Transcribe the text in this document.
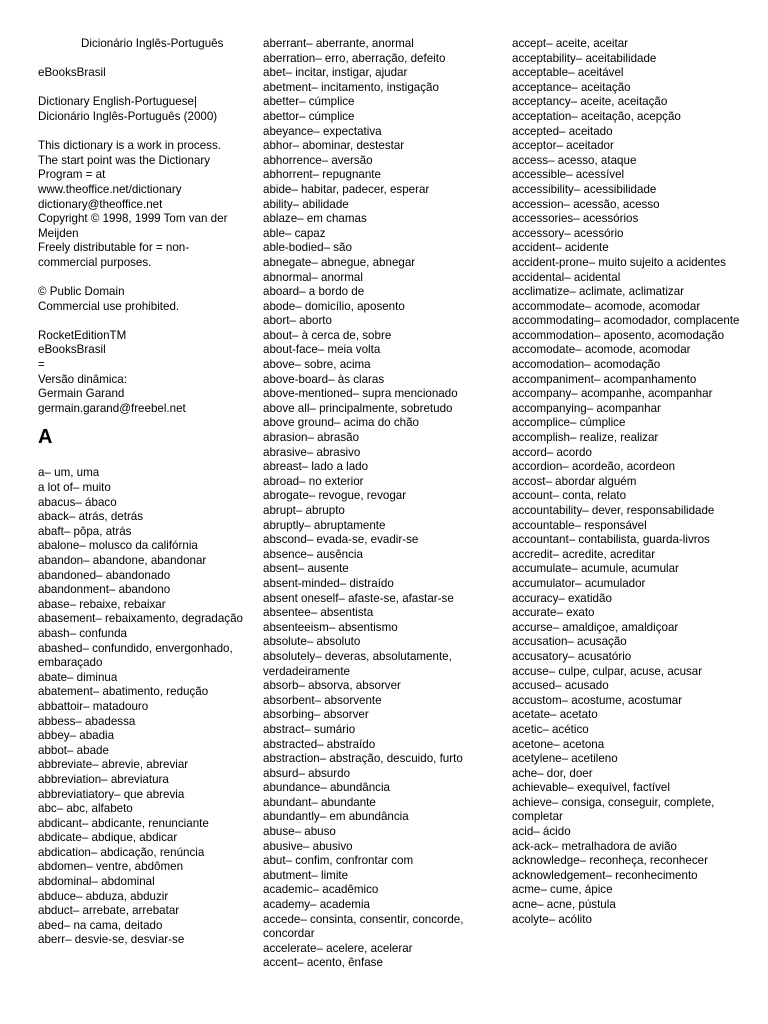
Dicionário Inglês-Português
eBooksBrasil
Dictionary English-Portuguese|
Dicionário Inglês-Português (2000)
This dictionary is a work in process.
The start point was the Dictionary
Program = at
www.theoffice.net/dictionary
dictionary@theoffice.net
Copyright © 1998, 1999 Tom van der
Meijden
Freely distributable for = non-
commercial purposes.
© Public Domain
Commercial use prohibited.
RocketEditionTM
eBooksBrasil
=
Versão dinâmica:
Germain Garand
germain.garand@freebel.net
A
a– um, uma
a lot of– muito
abacus– ábaco
aback– atrás, detrás
abaft– pôpa, atrás
abalone– molusco da califórnia
abandon– abandone, abandonar
abandoned– abandonado
abandonment– abandono
abase– rebaixe, rebaixar
abasement– rebaixamento, degradação
abash– confunda
abashed– confundido, envergonhado, embaraçado
abate– diminua
abatement– abatimento, redução
abbattoir– matadouro
abbess– abadessa
abbey– abadia
abbot– abade
abbreviate– abrevie, abreviar
abbreviation– abreviatura
abbreviatiatory– que abrevia
abc– abc, alfabeto
abdicant– abdicante, renunciante
abdicate– abdique, abdicar
abdication– abdicação, renúncia
abdomen– ventre, abdômen
abdominal– abdominal
abduce– abduza, abduzir
abduct– arrebate, arrebatar
abed– na cama, deitado
aberr– desvie-se, desviar-se
aberrant– aberrante, anormal
aberration– erro, aberração, defeito
abet– incitar, instigar, ajudar
abetment– incitamento, instigação
abetter– cúmplice
abettor– cúmplice
abeyance– expectativa
abhor– abominar, destestar
abhorrence– aversão
abhorrent– repugnante
abide– habitar, padecer, esperar
ability– abilidade
ablaze– em chamas
able– capaz
able-bodied– são
abnegate– abnegue, abnegar
abnormal– anormal
aboard– a bordo de
abode– domicílio, aposento
abort– aborto
about– à cerca de, sobre
about-face– meia volta
above– sobre, acima
above-board– às claras
above-mentioned– supra mencionado
above all– principalmente, sobretudo
above ground– acima do chão
abrasion– abrasão
abrasive– abrasivo
abreast– lado a lado
abroad– no exterior
abrogate– revogue, revogar
abrupt– abrupto
abruptly– abruptamente
abscond– evada-se, evadir-se
absence– ausência
absent– ausente
absent-minded– distraído
absent oneself– afaste-se, afastar-se
absentee– absentista
absenteeism– absentismo
absolute– absoluto
absolutely– deveras, absolutamente, verdadeiramente
absorb– absorva, absorver
absorbent– absorvente
absorbing– absorver
abstract– sumário
abstracted– abstraído
abstraction– abstração, descuido, furto
absurd– absurdo
abundance– abundância
abundant– abundante
abundantly– em abundância
abuse– abuso
abusive– abusivo
abut– confim, confrontar com
abutment– limite
academic– acadêmico
academy– academia
accede– consinta, consentir, concorde, concordar
accelerate– acelere, acelerar
accent– acento, ênfase
accept– aceite, aceitar
acceptability– aceitabilidade
acceptable– aceitável
acceptance– aceitação
acceptancy– aceite, aceitação
acceptation– aceitação, acepção
accepted– aceitado
acceptor– aceitador
access– acesso, ataque
accessible– acessível
accessibility– acessibilidade
accession– acessão, acesso
accessories– acessórios
accessory– acessório
accident– acidente
accident-prone– muito sujeito a acidentes
accidental– acidental
acclimatize– aclimate, aclimatizar
accommodate– acomode, acomodar
accommodating– acomodador, complacente
accommodation– aposento, acomodação
accomodate– acomode, acomodar
accomodation– acomodação
accompaniment– acompanhamento
accompany– acompanhe, acompanhar
accompanying– acompanhar
accomplice– cúmplice
accomplish– realize, realizar
accord– acordo
accordion– acordeão, acordeon
accost– abordar alguém
account– conta, relato
accountability– dever, responsabilidade
accountable– responsável
accountant– contabilista, guarda-livros
accredit– acredite, acreditar
accumulate– acumule, acumular
accumulator– acumulador
accuracy– exatidão
accurate– exato
accurse– amaldiçoe, amaldiçoar
accusation– acusação
accusatory– acusatório
accuse– culpe, culpar, acuse, acusar
accused– acusado
accustom– acostume, acostumar
acetate– acetato
acetic– acético
acetone– acetona
acetylene– acetileno
ache– dor, doer
achievable– exequível, factível
achieve– consiga, conseguir, complete, completar
acid– ácido
ack-ack– metralhadora de avião
acknowledge– reconheça, reconhecer
acknowledgement– reconhecimento
acme– cume, ápice
acne– acne, pústula
acolyte– acólito
